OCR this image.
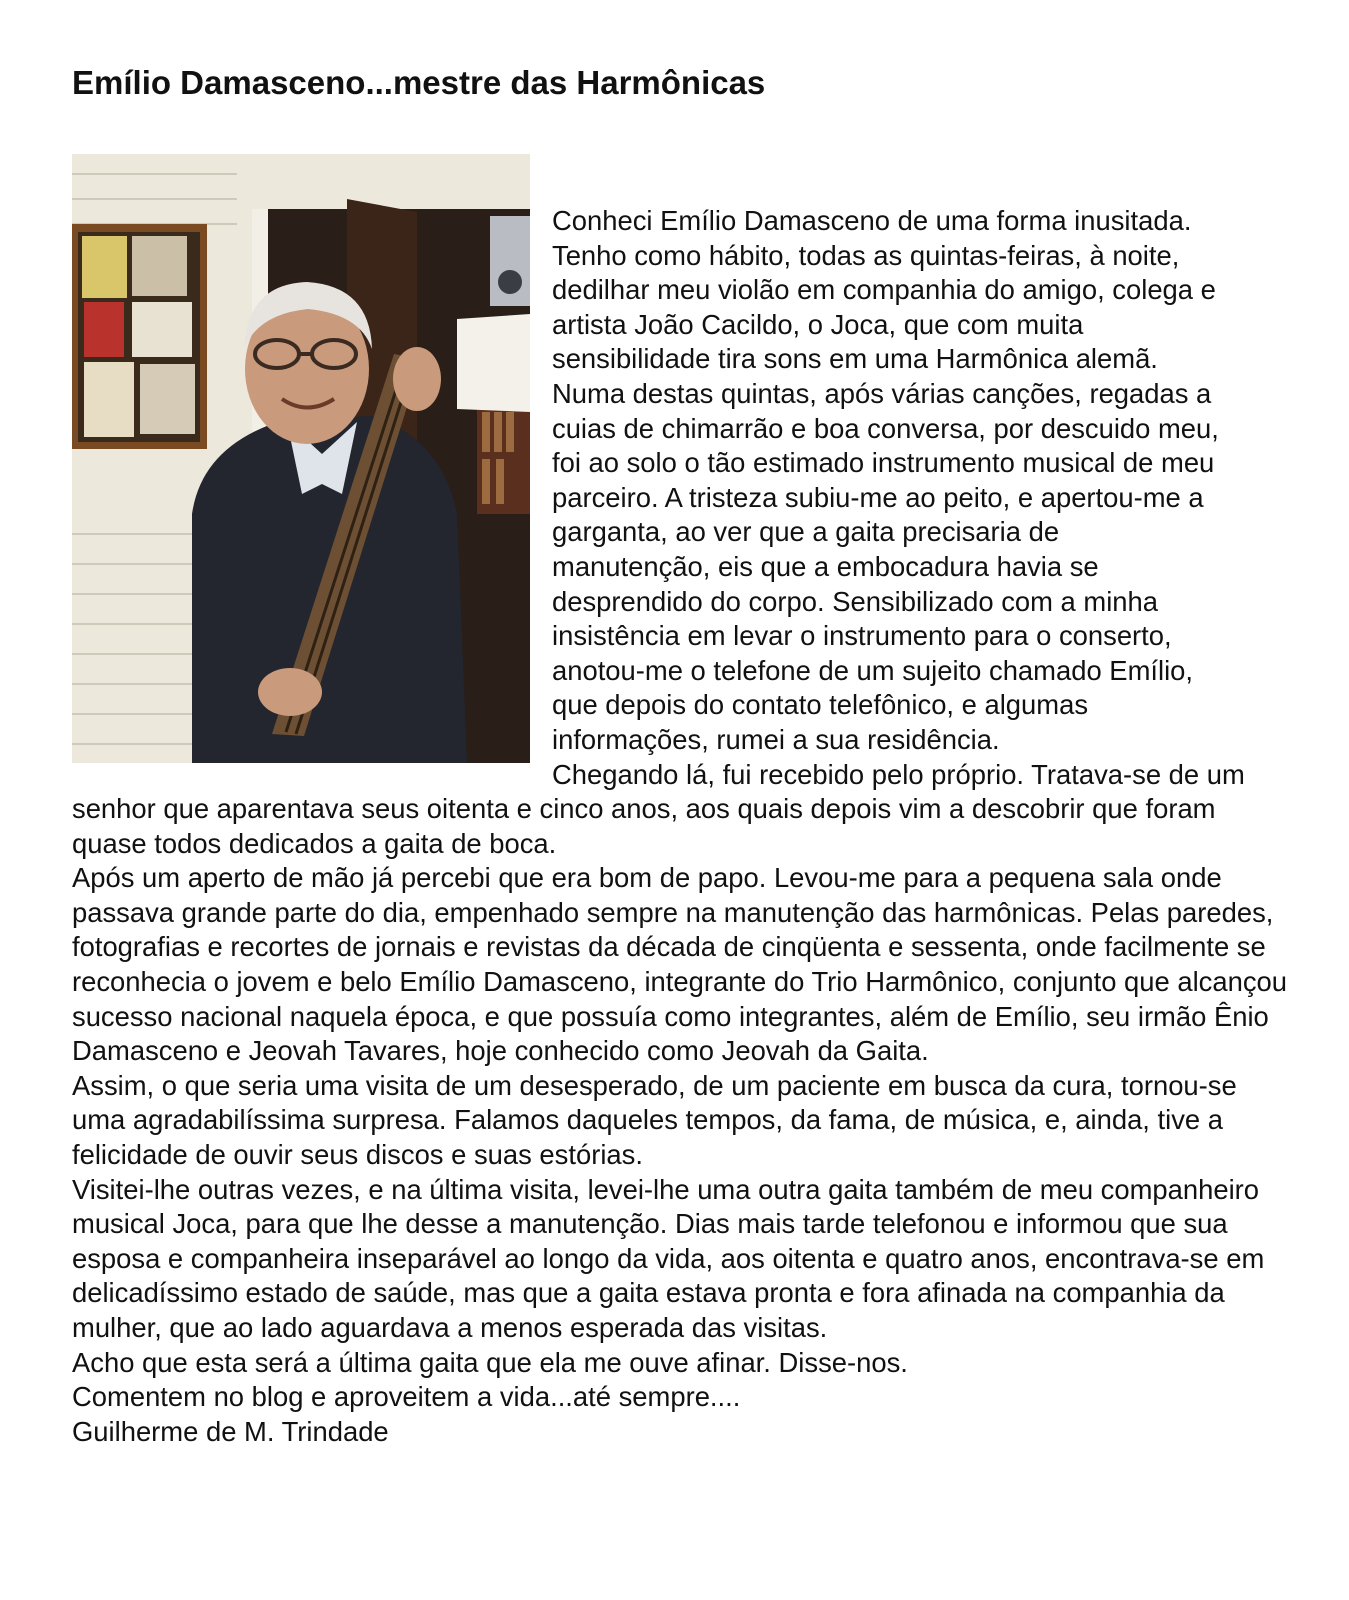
Emílio Damasceno...mestre das Harmônicas

Conheci Emílio Damasceno de uma forma inusitada.
Tenho como hábito, todas as quintas-feiras, à noite,
dedilhar meu violão em companhia do amigo, colega e
artista João Cacildo, o Joca, que com muita
sensibilidade tira sons em uma Harmônica alemã.
Numa destas quintas, após várias canções, regadas a
cuias de chimarrão e boa conversa, por descuido meu,
foi ao solo o tão estimado instrumento musical de meu
parceiro. A tristeza subiu-me ao peito, e apertou-me a
garganta, ao ver que a gaita precisaria de
manutenção, eis que a embocadura havia se
desprendido do corpo. Sensibilizado com a minha
insistência em levar o instrumento para o conserto,
anotou-me o telefone de um sujeito chamado Emílio,
que depois do contato telefônico, e algumas
informações, rumei a sua residência.

Chegando lá, fui recebido pelo próprio. Tratava-se de um senhor que aparentava seus oitenta e cinco anos, aos quais depois vim a descobrir que foram quase todos dedicados a gaita de boca.

Após um aperto de mão já percebi que era bom de papo. Levou-me para a pequena sala onde passava grande parte do dia, empenhado sempre na manutenção das harmônicas. Pelas paredes, fotografias e recortes de jornais e revistas da década de cinqüenta e sessenta, onde facilmente se reconhecia o jovem e belo Emílio Damasceno, integrante do Trio Harmônico, conjunto que alcançou sucesso nacional naquela época, e que possuía como integrantes, além de Emílio, seu irmão Ênio Damasceno e Jeovah Tavares, hoje conhecido como Jeovah da Gaita.

Assim, o que seria uma visita de um desesperado, de um paciente em busca da cura, tornou-se uma agradabilíssima surpresa. Falamos daqueles tempos, da fama, de música, e, ainda, tive a felicidade de ouvir seus discos e suas estórias.

Visitei-lhe outras vezes, e na última visita, levei-lhe uma outra gaita também de meu companheiro musical Joca, para que lhe desse a manutenção. Dias mais tarde telefonou e informou que sua esposa e companheira inseparável ao longo da vida, aos oitenta e quatro anos, encontrava-se em delicadíssimo estado de saúde, mas que a gaita estava pronta e fora afinada na companhia da mulher, que ao lado aguardava a menos esperada das visitas.

Acho que esta será a última gaita que ela me ouve afinar. Disse-nos.

Comentem no blog e aproveitem a vida...até sempre....

Guilherme de M. Trindade
